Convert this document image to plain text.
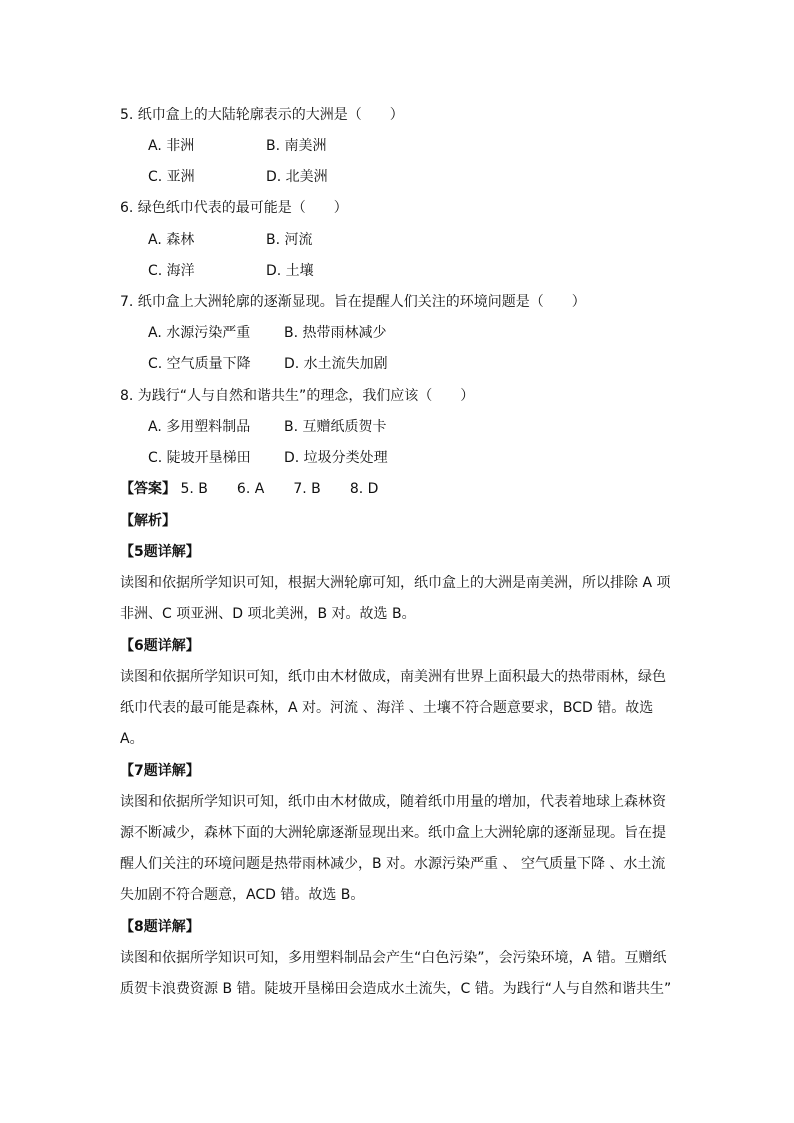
5. 纸巾盒上的大陆轮廓表示的大洲是（　　）
A. 非洲	B. 南美洲
C. 亚洲	D. 北美洲
6. 绿色纸巾代表的最可能是（　　）
A. 森林	B. 河流
C. 海洋	D. 土壤
7. 纸巾盒上大洲轮廓的逐渐显现。旨在提醒人们关注的环境问题是（　　）
A. 水源污染严重 B. 热带雨林减少
C. 空气质量下降 D. 水土流失加剧
8. 为践行“人与自然和谐共生”的理念，我们应该（　　）
A. 多用塑料制品 B. 互赠纸质贺卡
C. 陡坡开垦梯田 D. 垃圾分类处理
【答案】 5. B 6. A 7. B 8. D
【解析】
【5题详解】
读图和依据所学知识可知，根据大洲轮廓可知，纸巾盒上的大洲是南美洲，所以排除 A 项
非洲、C 项亚洲、D 项北美洲，B 对。故选 B。
【6题详解】
读图和依据所学知识可知，纸巾由木材做成，南美洲有世界上面积最大的热带雨林，绿色
纸巾代表的最可能是森林，A 对。河流 、海洋 、土壤不符合题意要求，BCD 错。故选
A。
【7题详解】
读图和依据所学知识可知，纸巾由木材做成，随着纸巾用量的增加，代表着地球上森林资
源不断减少，森林下面的大洲轮廓逐渐显现出来。纸巾盒上大洲轮廓的逐渐显现。旨在提
醒人们关注的环境问题是热带雨林减少，B 对。水源污染严重 、 空气质量下降 、水土流
失加剧不符合题意，ACD 错。故选 B。
【8题详解】
读图和依据所学知识可知，多用塑料制品会产生“白色污染”，会污染环境，A 错。互赠纸
质贺卡浪费资源 B 错。陡坡开垦梯田会造成水土流失，C 错。为践行“人与自然和谐共生”
